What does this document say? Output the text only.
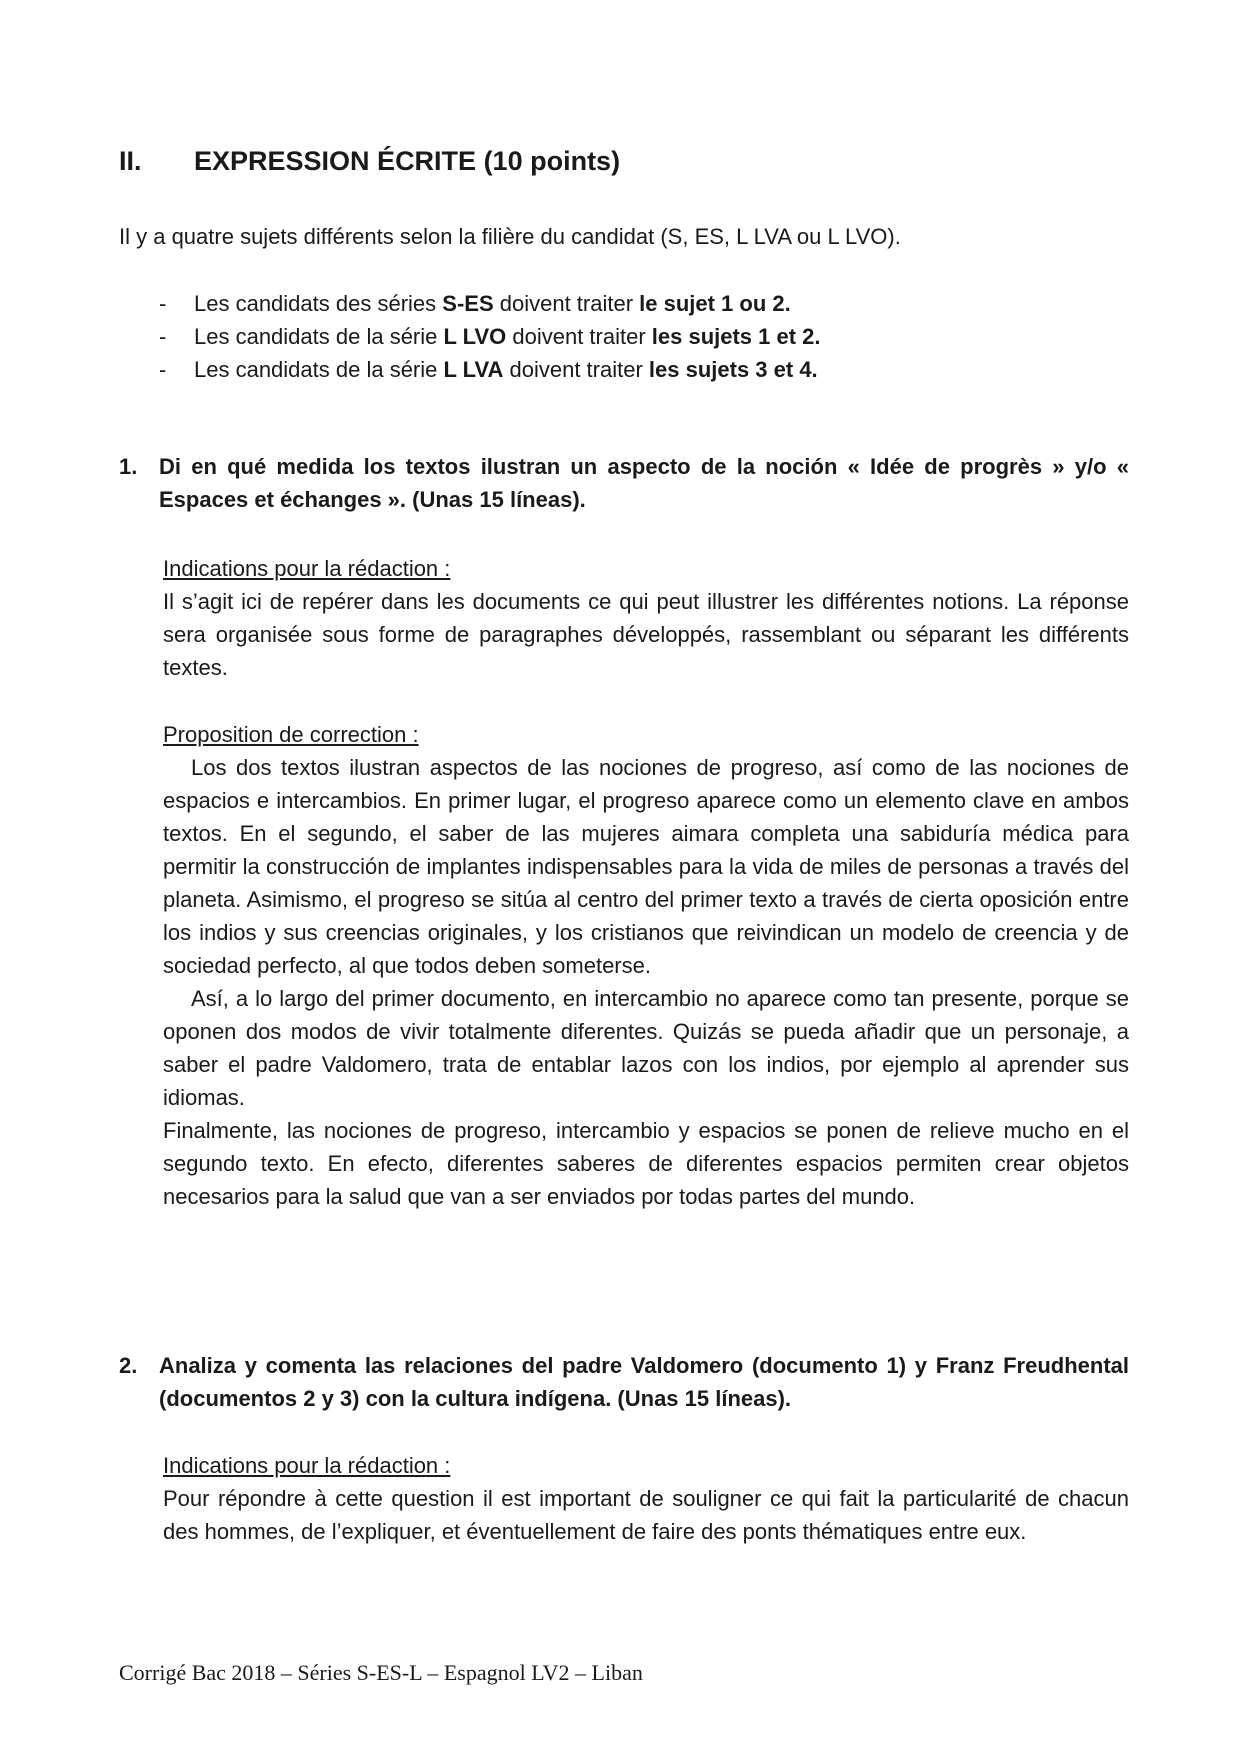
II. EXPRESSION ÉCRITE (10 points)

Il y a quatre sujets différents selon la filière du candidat (S, ES, L LVA ou L LVO).

- Les candidats des séries S-ES doivent traiter le sujet 1 ou 2.
- Les candidats de la série L LVO doivent traiter les sujets 1 et 2.
- Les candidats de la série L LVA doivent traiter les sujets 3 et 4.
1. Di en qué medida los textos ilustran un aspecto de la noción « Idée de progrès » y/o « Espaces et échanges ». (Unas 15 líneas).
Indications pour la rédaction :

Il s’agit ici de repérer dans les documents ce qui peut illustrer les différentes notions. La réponse sera organisée sous forme de paragraphes développés, rassemblant ou séparant les différents textes.

Proposition de correction :

Los dos textos ilustran aspectos de las nociones de progreso, así como de las nociones de espacios e intercambios. En primer lugar, el progreso aparece como un elemento clave en ambos textos. En el segundo, el saber de las mujeres aimara completa una sabiduría médica para permitir la construcción de implantes indispensables para la vida de miles de personas a través del planeta. Asimismo, el progreso se sitúa al centro del primer texto a través de cierta oposición entre los indios y sus creencias originales, y los cristianos que reivindican un modelo de creencia y de sociedad perfecto, al que todos deben someterse.

Así, a lo largo del primer documento, en intercambio no aparece como tan presente, porque se oponen dos modos de vivir totalmente diferentes. Quizás se pueda añadir que un personaje, a saber el padre Valdomero, trata de entablar lazos con los indios, por ejemplo al aprender sus idiomas.

Finalmente, las nociones de progreso, intercambio y espacios se ponen de relieve mucho en el segundo texto. En efecto, diferentes saberes de diferentes espacios permiten crear objetos necesarios para la salud que van a ser enviados por todas partes del mundo.

2. Analiza y comenta las relaciones del padre Valdomero (documento 1) y Franz Freudhental (documentos 2 y 3) con la cultura indígena. (Unas 15 líneas).
Indications pour la rédaction :

Pour répondre à cette question il est important de souligner ce qui fait la particularité de chacun des hommes, de l’expliquer, et éventuellement de faire des ponts thématiques entre eux.

Corrigé Bac 2018 – Séries S-ES-L – Espagnol LV2 – Liban
